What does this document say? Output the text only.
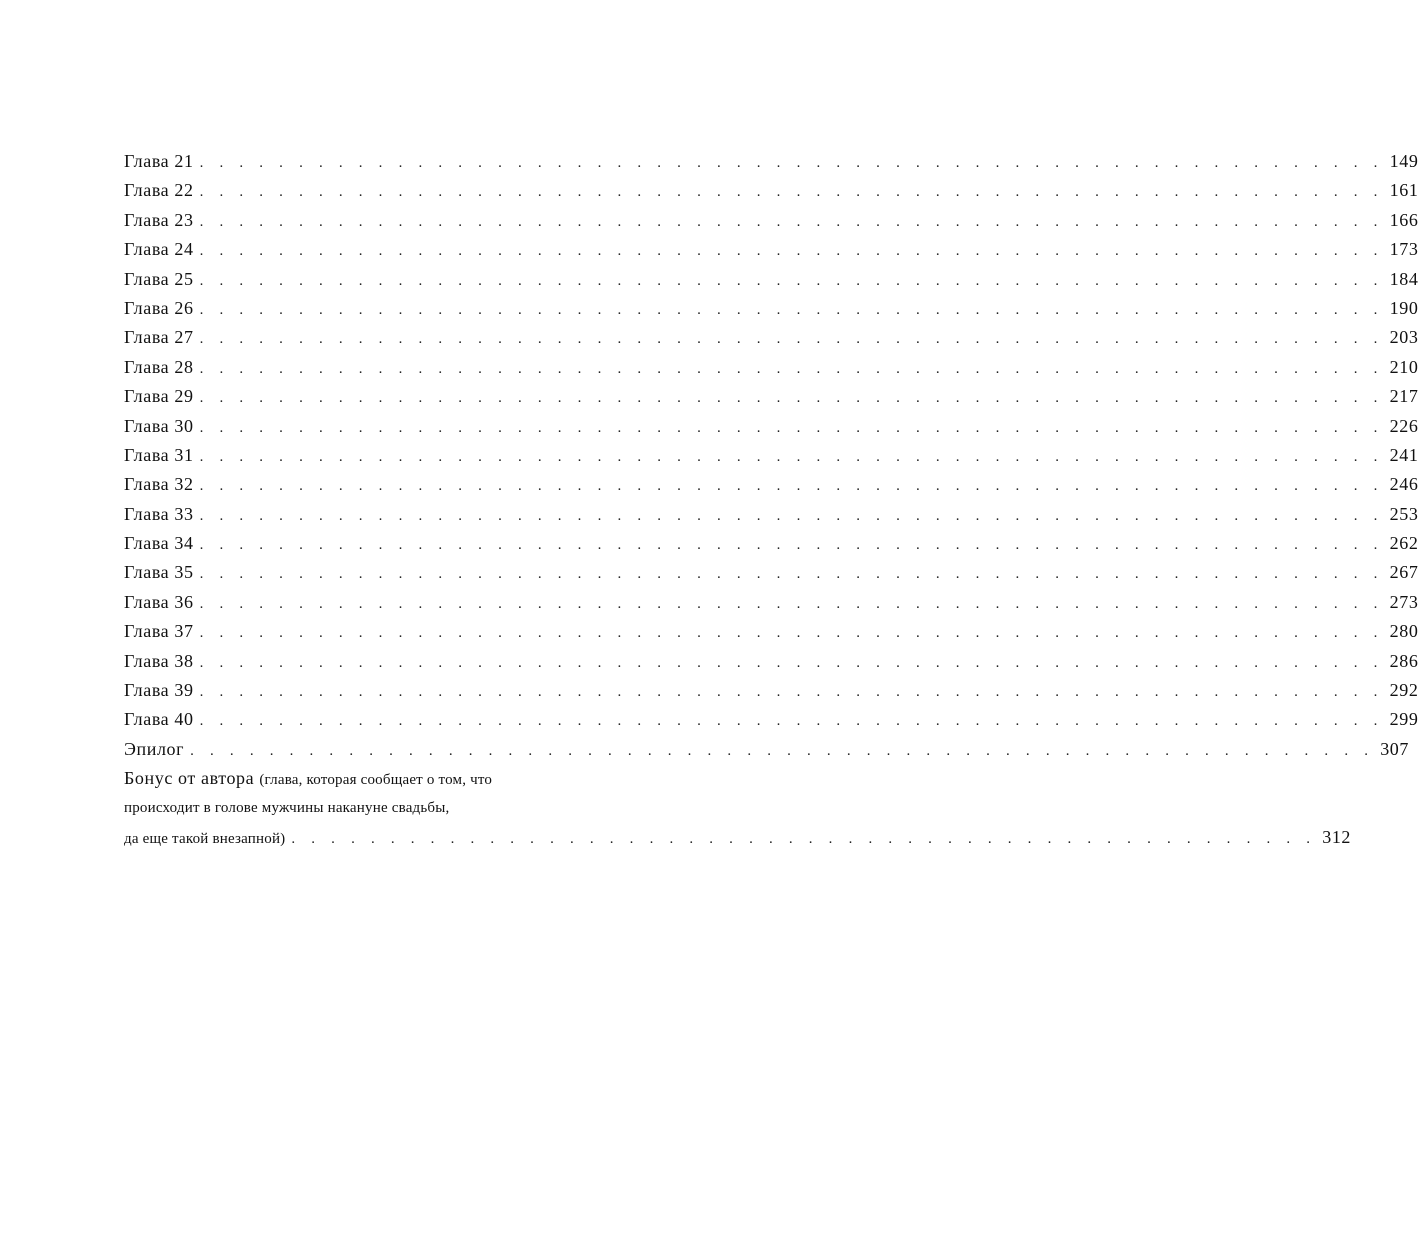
Глава 21 . . . . . . . . . . . . . . . . . . . . . . . . . . . . . . . . . . . . . . . . . . . . . . . . . . . . . . . . . . . . 149
Глава 22 . . . . . . . . . . . . . . . . . . . . . . . . . . . . . . . . . . . . . . . . . . . . . . . . . . . . . . . . . . . . 161
Глава 23 . . . . . . . . . . . . . . . . . . . . . . . . . . . . . . . . . . . . . . . . . . . . . . . . . . . . . . . . . . . . 166
Глава 24 . . . . . . . . . . . . . . . . . . . . . . . . . . . . . . . . . . . . . . . . . . . . . . . . . . . . . . . . . . . . 173
Глава 25 . . . . . . . . . . . . . . . . . . . . . . . . . . . . . . . . . . . . . . . . . . . . . . . . . . . . . . . . . . . . 184
Глава 26 . . . . . . . . . . . . . . . . . . . . . . . . . . . . . . . . . . . . . . . . . . . . . . . . . . . . . . . . . . . . 190
Глава 27 . . . . . . . . . . . . . . . . . . . . . . . . . . . . . . . . . . . . . . . . . . . . . . . . . . . . . . . . . . . . 203
Глава 28 . . . . . . . . . . . . . . . . . . . . . . . . . . . . . . . . . . . . . . . . . . . . . . . . . . . . . . . . . . . . 210
Глава 29 . . . . . . . . . . . . . . . . . . . . . . . . . . . . . . . . . . . . . . . . . . . . . . . . . . . . . . . . . . . . 217
Глава 30 . . . . . . . . . . . . . . . . . . . . . . . . . . . . . . . . . . . . . . . . . . . . . . . . . . . . . . . . . . . . 226
Глава 31 . . . . . . . . . . . . . . . . . . . . . . . . . . . . . . . . . . . . . . . . . . . . . . . . . . . . . . . . . . . . 241
Глава 32 . . . . . . . . . . . . . . . . . . . . . . . . . . . . . . . . . . . . . . . . . . . . . . . . . . . . . . . . . . . . 246
Глава 33 . . . . . . . . . . . . . . . . . . . . . . . . . . . . . . . . . . . . . . . . . . . . . . . . . . . . . . . . . . . . 253
Глава 34 . . . . . . . . . . . . . . . . . . . . . . . . . . . . . . . . . . . . . . . . . . . . . . . . . . . . . . . . . . . . 262
Глава 35 . . . . . . . . . . . . . . . . . . . . . . . . . . . . . . . . . . . . . . . . . . . . . . . . . . . . . . . . . . . . 267
Глава 36 . . . . . . . . . . . . . . . . . . . . . . . . . . . . . . . . . . . . . . . . . . . . . . . . . . . . . . . . . . . . 273
Глава 37 . . . . . . . . . . . . . . . . . . . . . . . . . . . . . . . . . . . . . . . . . . . . . . . . . . . . . . . . . . . . 280
Глава 38 . . . . . . . . . . . . . . . . . . . . . . . . . . . . . . . . . . . . . . . . . . . . . . . . . . . . . . . . . . . . 286
Глава 39 . . . . . . . . . . . . . . . . . . . . . . . . . . . . . . . . . . . . . . . . . . . . . . . . . . . . . . . . . . . . 292
Глава 40 . . . . . . . . . . . . . . . . . . . . . . . . . . . . . . . . . . . . . . . . . . . . . . . . . . . . . . . . . . . . 299
Эпилог . . . . . . . . . . . . . . . . . . . . . . . . . . . . . . . . . . . . . . . . . . . . . . . . . . . . . . . . . . . . 307
Бонус от автора (глава, которая сообщает о том, что
происходит в голове мужчины накануне свадьбы,
да еще такой внезапной) . . . . . . . . . . . . . . . . . . . . . . . . . . . . . . . . . . . . . . . . . . . . . . . . . . . . 312
